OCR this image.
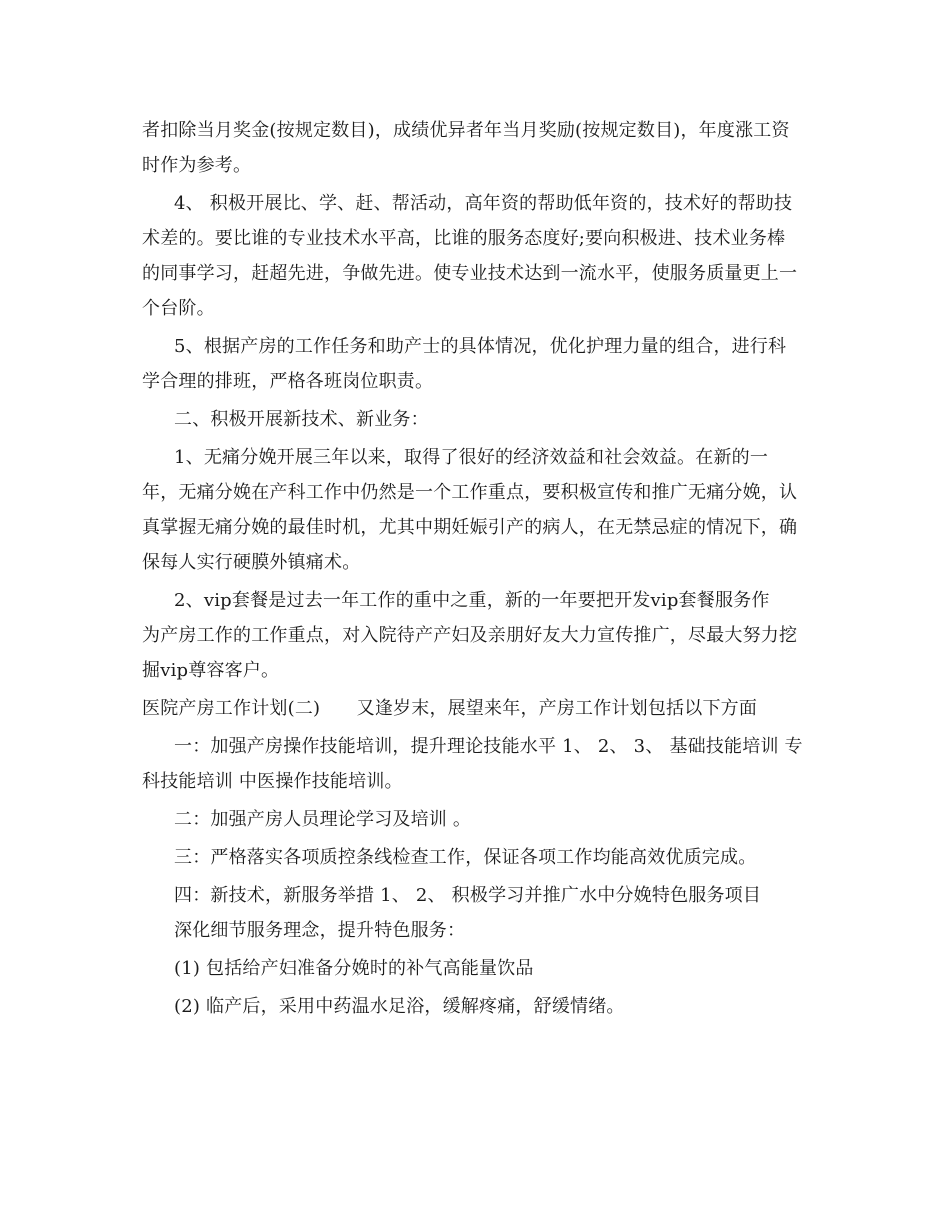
者扣除当月奖金(按规定数目)，成绩优异者年当月奖励(按规定数目)，年度涨工资
时作为参考。
4、 积极开展比、学、赶、帮活动，高年资的帮助低年资的，技术好的帮助技
术差的。要比谁的专业技术水平高，比谁的服务态度好;要向积极进、技术业务棒
的同事学习，赶超先进，争做先进。使专业技术达到一流水平，使服务质量更上一
个台阶。
5、根据产房的工作任务和助产士的具体情况，优化护理力量的组合，进行科
学合理的排班，严格各班岗位职责。
二、积极开展新技术、新业务：
1、无痛分娩开展三年以来，取得了很好的经济效益和社会效益。在新的一
年，无痛分娩在产科工作中仍然是一个工作重点，要积极宣传和推广无痛分娩，认
真掌握无痛分娩的最佳时机，尤其中期妊娠引产的病人，在无禁忌症的情况下，确
保每人实行硬膜外镇痛术。
2、vip套餐是过去一年工作的重中之重，新的一年要把开发vip套餐服务作
为产房工作的工作重点，对入院待产产妇及亲朋好友大力宣传推广，尽最大努力挖
掘vip尊容客户。
医院产房工作计划(二)　　又逢岁末，展望来年，产房工作计划包括以下方面
一：加强产房操作技能培训，提升理论技能水平 1、 2、 3、 基础技能培训 专
科技能培训 中医操作技能培训。
二：加强产房人员理论学习及培训 。
三：严格落实各项质控条线检查工作，保证各项工作均能高效优质完成。
四：新技术，新服务举措 1、 2、 积极学习并推广水中分娩特色服务项目
深化细节服务理念，提升特色服务：
(1) 包括给产妇准备分娩时的补气高能量饮品
(2) 临产后，采用中药温水足浴，缓解疼痛，舒缓情绪。
